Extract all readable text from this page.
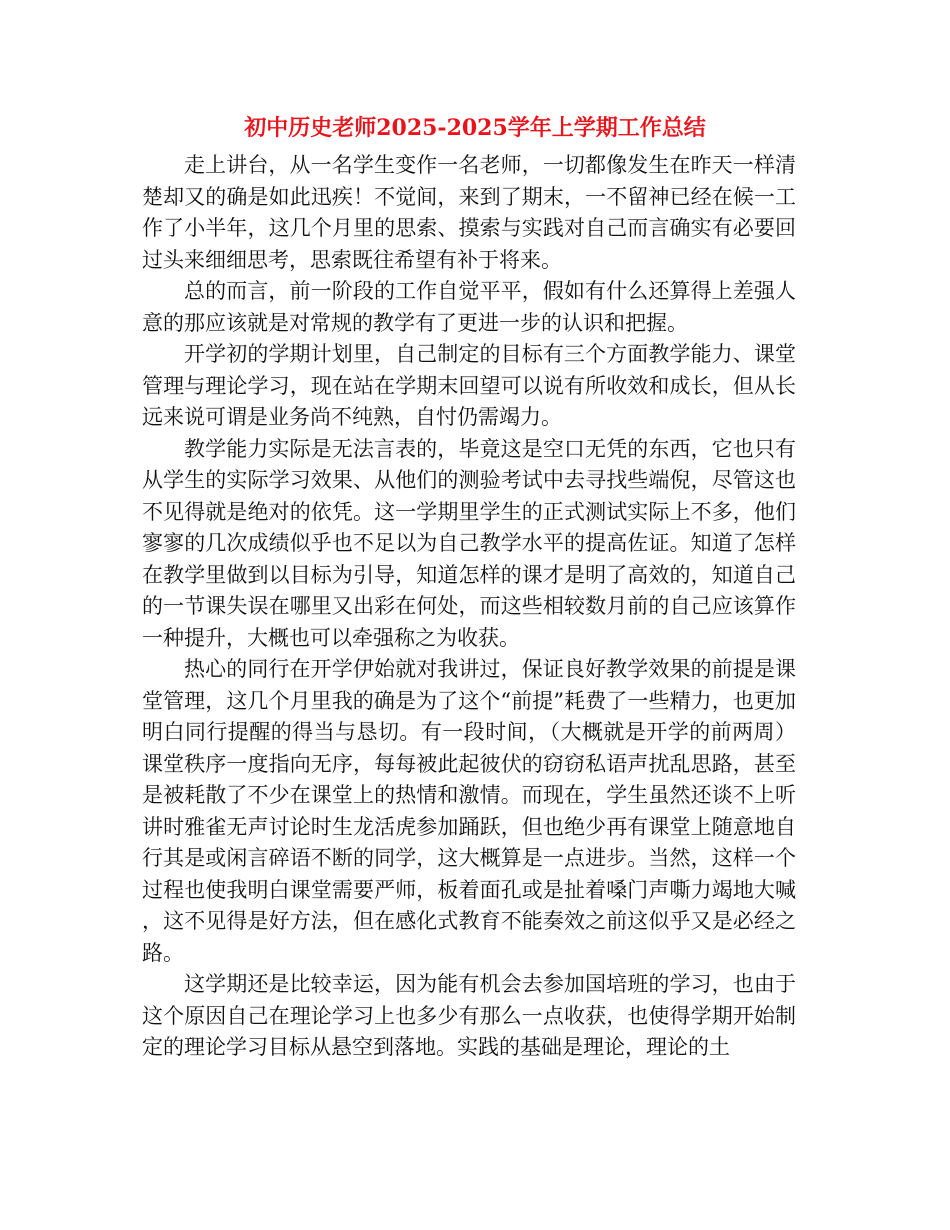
初中历史老师2025-2025学年上学期工作总结

走上讲台，从一名学生变作一名老师，一切都像发生在昨天一样清楚却又的确是如此迅疾！不觉间，来到了期末，一不留神已经在候一工作了小半年，这几个月里的思索、摸索与实践对自己而言确实有必要回过头来细细思考，思索既往希望有补于将来。

总的而言，前一阶段的工作自觉平平，假如有什么还算得上差强人意的那应该就是对常规的教学有了更进一步的认识和把握。

开学初的学期计划里，自己制定的目标有三个方面教学能力、课堂管理与理论学习，现在站在学期末回望可以说有所收效和成长，但从长远来说可谓是业务尚不纯熟，自忖仍需竭力。

教学能力实际是无法言表的，毕竟这是空口无凭的东西，它也只有从学生的实际学习效果、从他们的测验考试中去寻找些端倪，尽管这也不见得就是绝对的依凭。这一学期里学生的正式测试实际上不多，他们寥寥的几次成绩似乎也不足以为自己教学水平的提高佐证。知道了怎样在教学里做到以目标为引导，知道怎样的课才是明了高效的，知道自己的一节课失误在哪里又出彩在何处，而这些相较数月前的自己应该算作一种提升，大概也可以牵强称之为收获。

热心的同行在开学伊始就对我讲过，保证良好教学效果的前提是课堂管理，这几个月里我的确是为了这个“前提”耗费了一些精力，也更加明白同行提醒的得当与恳切。有一段时间，（大概就是开学的前两周）课堂秩序一度指向无序，每每被此起彼伏的窃窃私语声扰乱思路，甚至是被耗散了不少在课堂上的热情和激情。而现在，学生虽然还谈不上听讲时雅雀无声讨论时生龙活虎参加踊跃，但也绝少再有课堂上随意地自行其是或闲言碎语不断的同学，这大概算是一点进步。当然，这样一个过程也使我明白课堂需要严师，板着面孔或是扯着嗓门声嘶力竭地大喊，这不见得是好方法，但在感化式教育不能奏效之前这似乎又是必经之路。

这学期还是比较幸运，因为能有机会去参加国培班的学习，也由于这个原因自己在理论学习上也多少有那么一点收获，也使得学期开始制定的理论学习目标从悬空到落地。实践的基础是理论，理论的土
